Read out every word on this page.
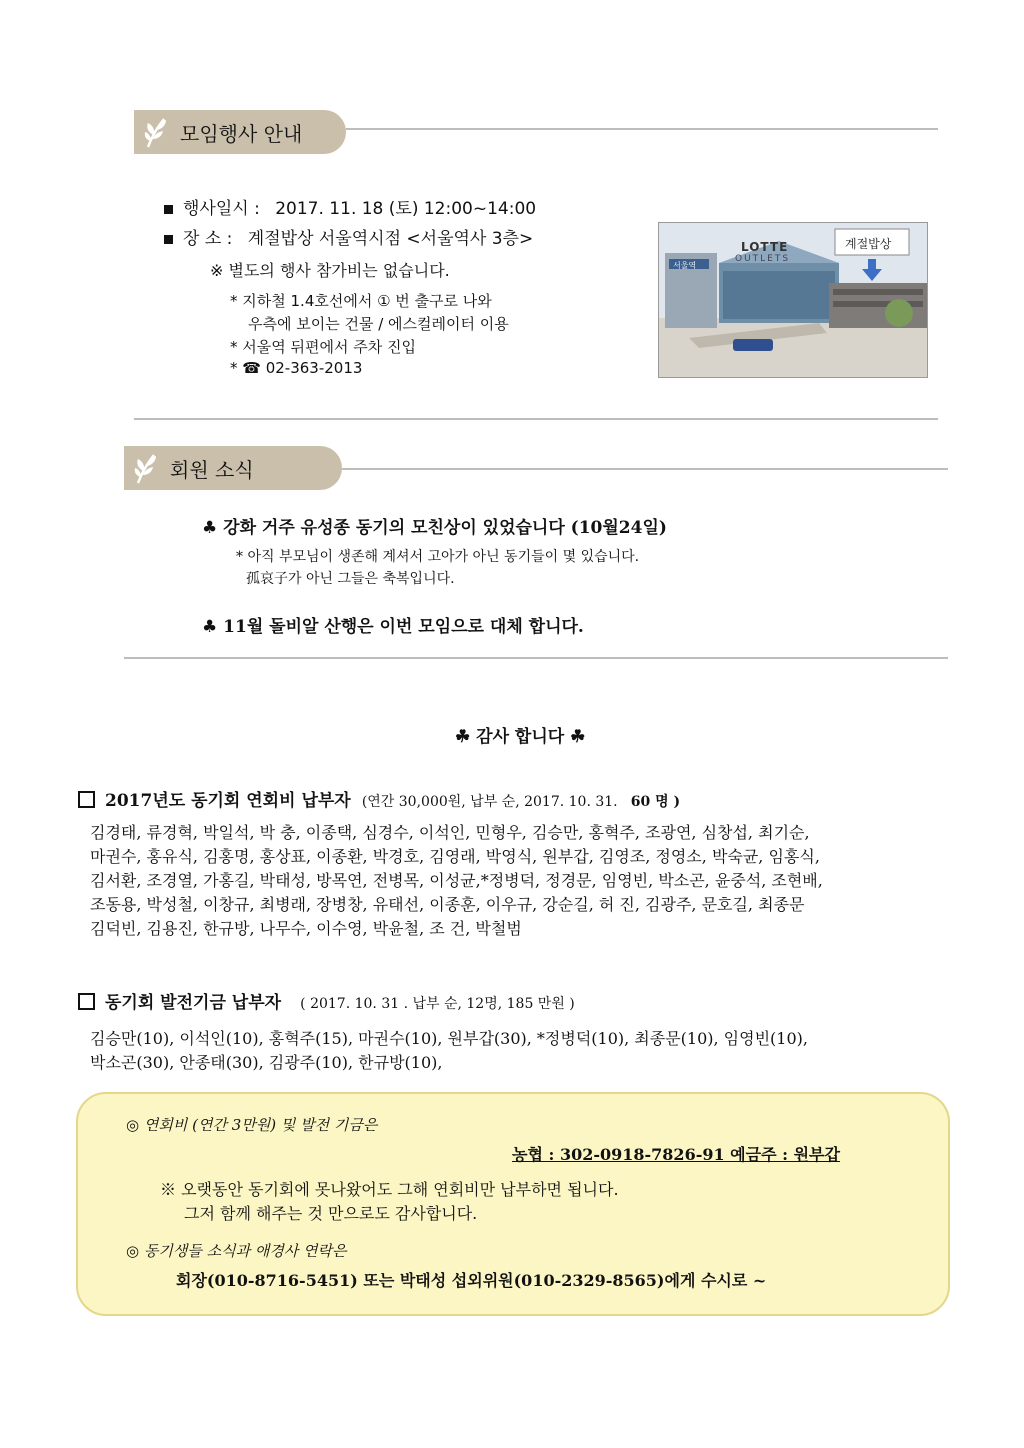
모임행사 안내
행사일시 : 2017. 11. 18 (토) 12:00~14:00
장 소 : 계절밥상 서울역시점 <서울역사 3층>
※ 별도의 행사 참가비는 없습니다.
* 지하철 1.4호선에서 ① 번 출구로 나와
우측에 보이는 건물 / 에스컬레이터 이용
* 서울역 뒤편에서 주차 진입
* ☎ 02-363-2013
LOTTE
OUTLETS
계절밥상
서울역
회원 소식
♣ 강화 거주 유성종 동기의 모친상이 있었습니다 (10월24일)
* 아직 부모님이 생존해 계셔서 고아가 아닌 동기들이 몇 있습니다.
孤哀子가 아닌 그들은 축복입니다.
♣ 11월 돌비알 산행은 이번 모임으로 대체 합니다.
☘ 감사 합니다 ☘
2017년도 동기회 연회비 납부자 (연간 30,000원, 납부 순, 2017. 10. 31. 60 명 )
김경태, 류경혁, 박일석, 박 충, 이종택, 심경수, 이석인, 민형우, 김승만, 홍혁주, 조광연, 심창섭, 최기순,
마권수, 홍유식, 김홍명, 홍상표, 이종환, 박경호, 김영래, 박영식, 원부갑, 김영조, 정영소, 박숙균, 임홍식,
김서환, 조경열, 가홍길, 박태성, 방목연, 전병목, 이성균,*정병덕, 정경문, 임영빈, 박소곤, 윤중석, 조현배,
조동용, 박성철, 이창규, 최병래, 장병창, 유태선, 이종훈, 이우규, 강순길, 허 진, 김광주, 문호길, 최종문
김덕빈, 김용진, 한규방, 나무수, 이수영, 박윤철, 조 건, 박철범
동기회 발전기금 납부자 ( 2017. 10. 31 . 납부 순, 12명, 185 만원 )
김승만(10), 이석인(10), 홍혁주(15), 마권수(10), 원부갑(30), *정병덕(10), 최종문(10), 임영빈(10),
박소곤(30), 안종태(30), 김광주(10), 한규방(10),
◎ 연회비 (연간 3만원) 및 발전 기금은
농협 : 302-0918-7826-91 예금주 : 원부갑
※ 오랫동안 동기회에 못나왔어도 그해 연회비만 납부하면 됩니다.
그저 함께 해주는 것 만으로도 감사합니다.
◎ 동기생들 소식과 애경사 연락은
회장(010-8716-5451) 또는 박태성 섭외위원(010-2329-8565)에게 수시로 ~
